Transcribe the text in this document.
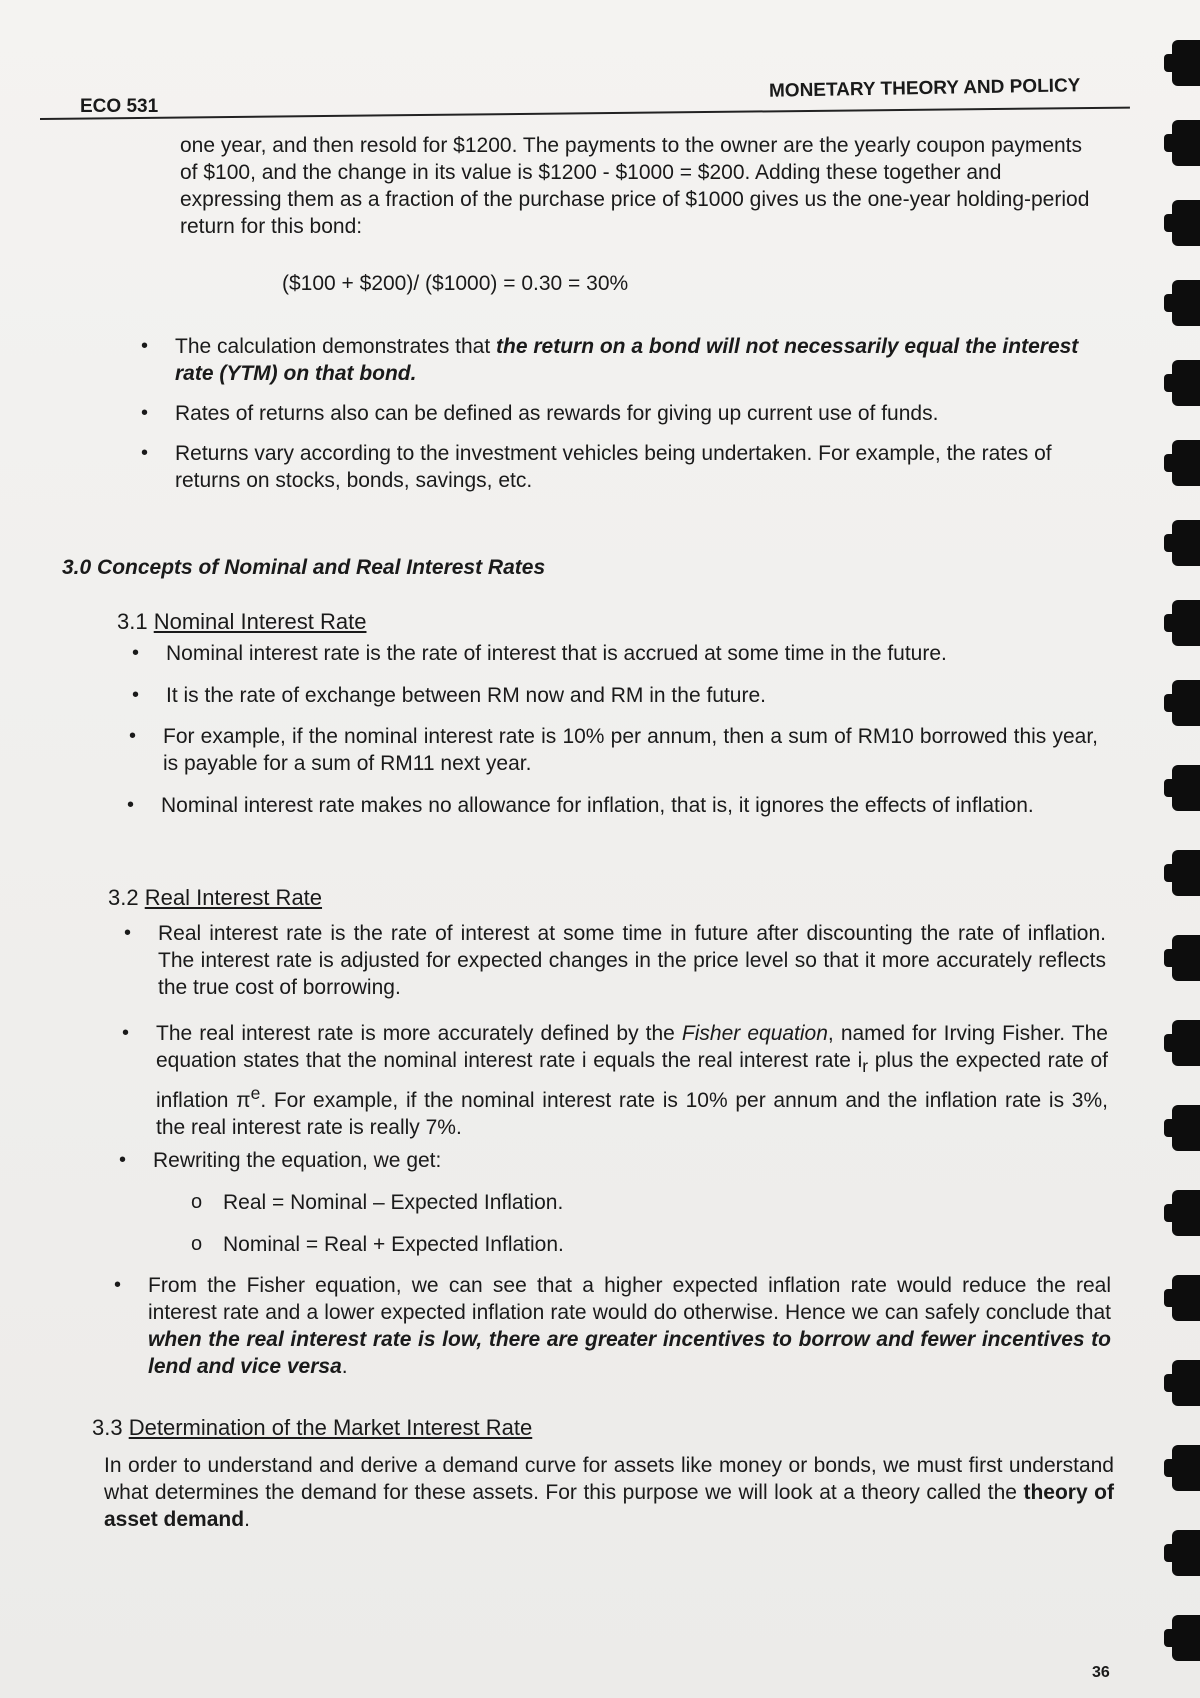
ECO 531
MONETARY THEORY AND POLICY
one year, and then resold for $1200. The payments to the owner are the yearly coupon payments of $100, and the change in its value is $1200 - $1000 = $200. Adding these together and expressing them as a fraction of the purchase price of $1000 gives us the one-year holding-period return for this bond:
($100 + $200)/ ($1000) = 0.30 = 30%
• The calculation demonstrates that the return on a bond will not necessarily equal the interest rate (YTM) on that bond.
• Rates of returns also can be defined as rewards for giving up current use of funds.
• Returns vary according to the investment vehicles being undertaken. For example, the rates of returns on stocks, bonds, savings, etc.
3.0 Concepts of Nominal and Real Interest Rates
3.1 Nominal Interest Rate
• Nominal interest rate is the rate of interest that is accrued at some time in the future.
• It is the rate of exchange between RM now and RM in the future.
• For example, if the nominal interest rate is 10% per annum, then a sum of RM10 borrowed this year, is payable for a sum of RM11 next year.
• Nominal interest rate makes no allowance for inflation, that is, it ignores the effects of inflation.
3.2 Real Interest Rate
• Real interest rate is the rate of interest at some time in future after discounting the rate of inflation. The interest rate is adjusted for expected changes in the price level so that it more accurately reflects the true cost of borrowing.
• The real interest rate is more accurately defined by the Fisher equation, named for Irving Fisher. The equation states that the nominal interest rate i equals the real interest rate $i_r$ plus the expected rate of inflation $\pi^e$. For example, if the nominal interest rate is 10% per annum and the inflation rate is 3%, the real interest rate is really 7%.
• Rewriting the equation, we get:
o Real = Nominal – Expected Inflation.
o Nominal = Real + Expected Inflation.
• From the Fisher equation, we can see that a higher expected inflation rate would reduce the real interest rate and a lower expected inflation rate would do otherwise. Hence we can safely conclude that when the real interest rate is low, there are greater incentives to borrow and fewer incentives to lend and vice versa.
3.3 Determination of the Market Interest Rate
In order to understand and derive a demand curve for assets like money or bonds, we must first understand what determines the demand for these assets. For this purpose we will look at a theory called the theory of asset demand.
36
